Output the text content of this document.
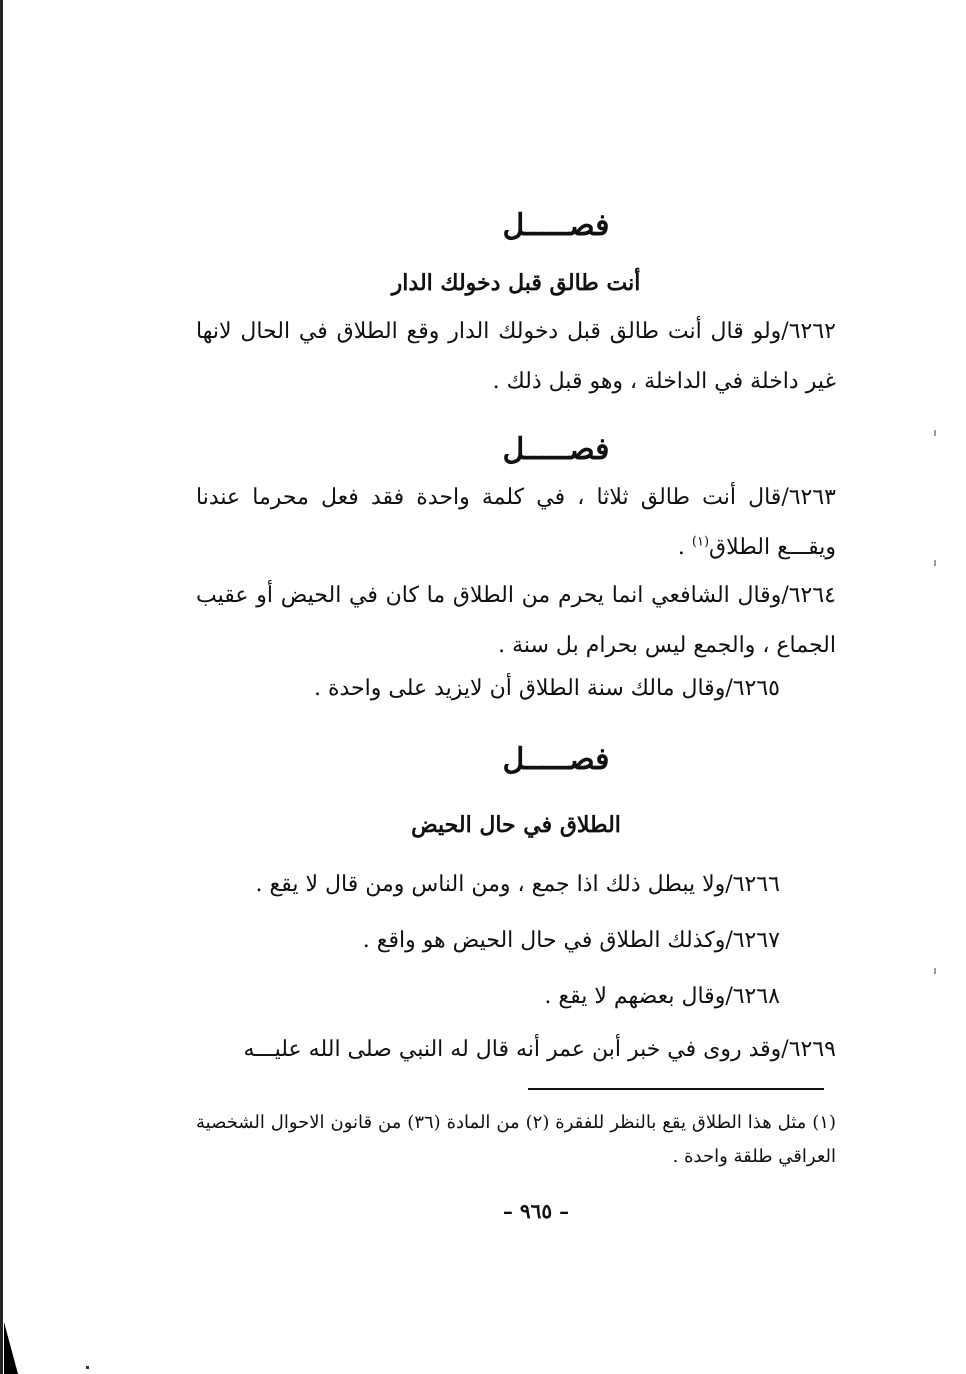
فصـــــل
أنت طالق قبل دخولك الدار

٦٢٦٢/ولو قال أنت طالق قبل دخولك الدار وقع الطلاق في الحال لانها غير داخلة في الداخلة ، وهو قبل ذلك .

فصـــــل

٦٢٦٣/قال أنت طالق ثلاثا ، في كلمة واحدة فقد فعل محرما عندنا ويقـــع الطلاق$^{(١)}$ .

٦٢٦٤/وقال الشافعي انما يحرم من الطلاق ما كان في الحيض أو عقيب الجماع ، والجمع ليس بحرام بل سنة .

٦٢٦٥/وقال مالك سنة الطلاق أن لايزيد على واحدة .

فصـــــل
الطلاق في حال الحيض

٦٢٦٦/ولا يبطل ذلك اذا جمع ، ومن الناس ومن قال لا يقع .

٦٢٦٧/وكذلك الطلاق في حال الحيض هو واقع .

٦٢٦٨/وقال بعضهم لا يقع .

٦٢٦٩/وقد روى في خبر أبن عمر أنه قال له النبي صلى الله عليـــه

(١) مثل هذا الطلاق يقع بالنظر للفقرة (٢) من المادة (٣٦) من قانون الاحوال الشخصية العراقي طلقة واحدة .

– ٩٦٥ –
